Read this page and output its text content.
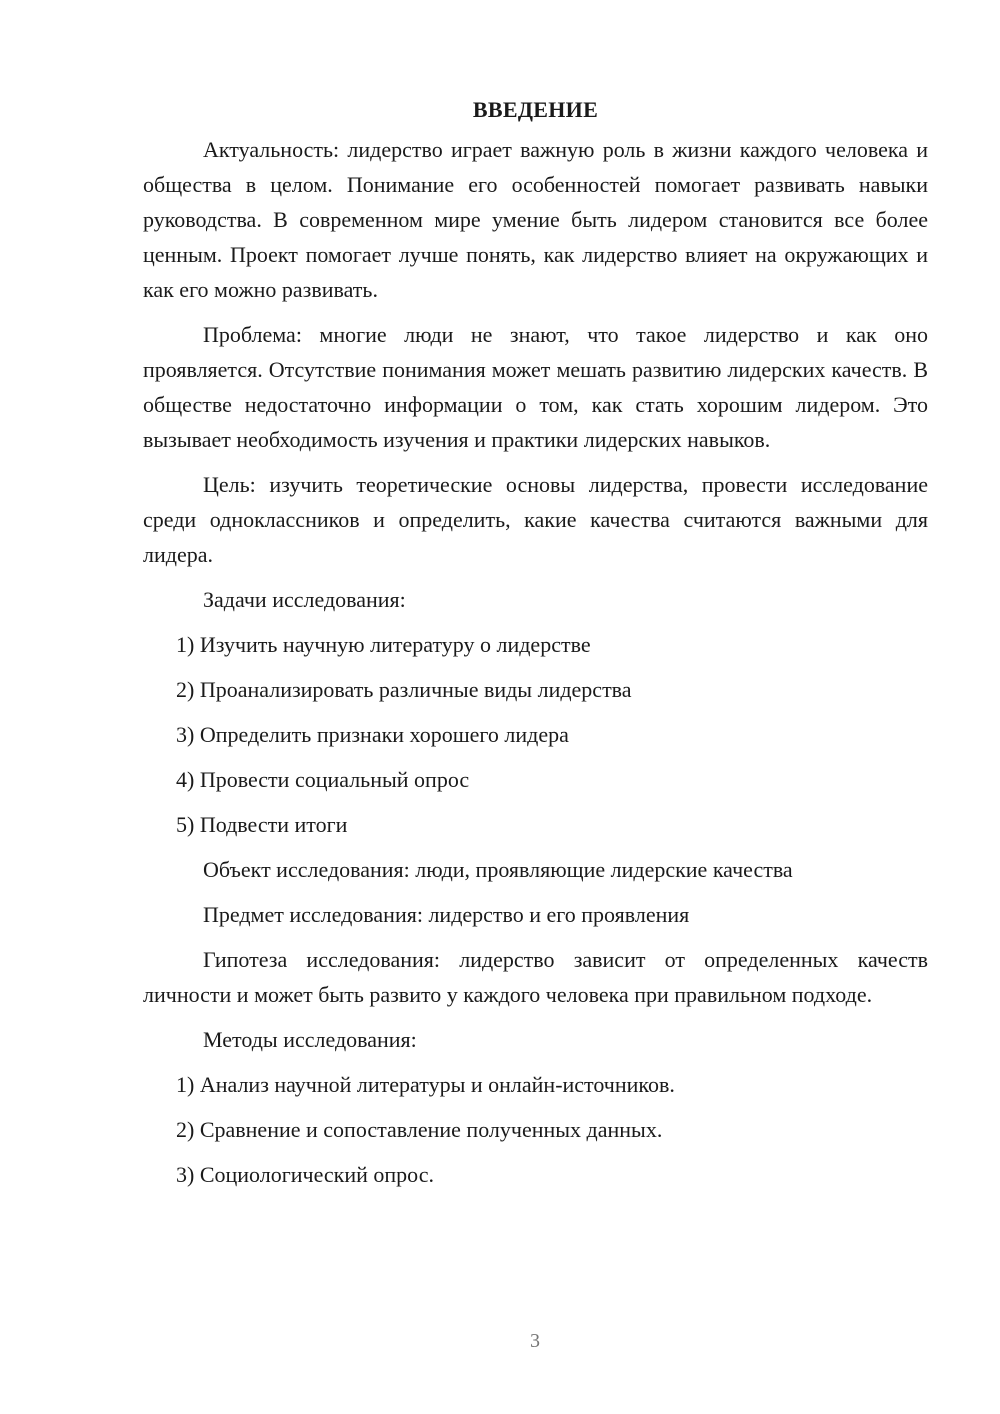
ВВЕДЕНИЕ

Актуальность: лидерство играет важную роль в жизни каждого человека и общества в целом. Понимание его особенностей помогает развивать навыки руководства. В современном мире умение быть лидером становится все более ценным. Проект помогает лучше понять, как лидерство влияет на окружающих и как его можно развивать.

Проблема: многие люди не знают, что такое лидерство и как оно проявляется. Отсутствие понимания может мешать развитию лидерских качеств. В обществе недостаточно информации о том, как стать хорошим лидером. Это вызывает необходимость изучения и практики лидерских навыков.

Цель: изучить теоретические основы лидерства, провести исследование среди одноклассников и определить, какие качества считаются важными для лидера.

Задачи исследования:
1) Изучить научную литературу о лидерстве
2) Проанализировать различные виды лидерства
3) Определить признаки хорошего лидера
4) Провести социальный опрос
5) Подвести итоги
Объект исследования: люди, проявляющие лидерские качества
Предмет исследования: лидерство и его проявления

Гипотеза исследования: лидерство зависит от определенных качеств личности и может быть развито у каждого человека при правильном подходе.

Методы исследования:
1) Анализ научной литературы и онлайн-источников.
2) Сравнение и сопоставление полученных данных.
3) Социологический опрос.
3
